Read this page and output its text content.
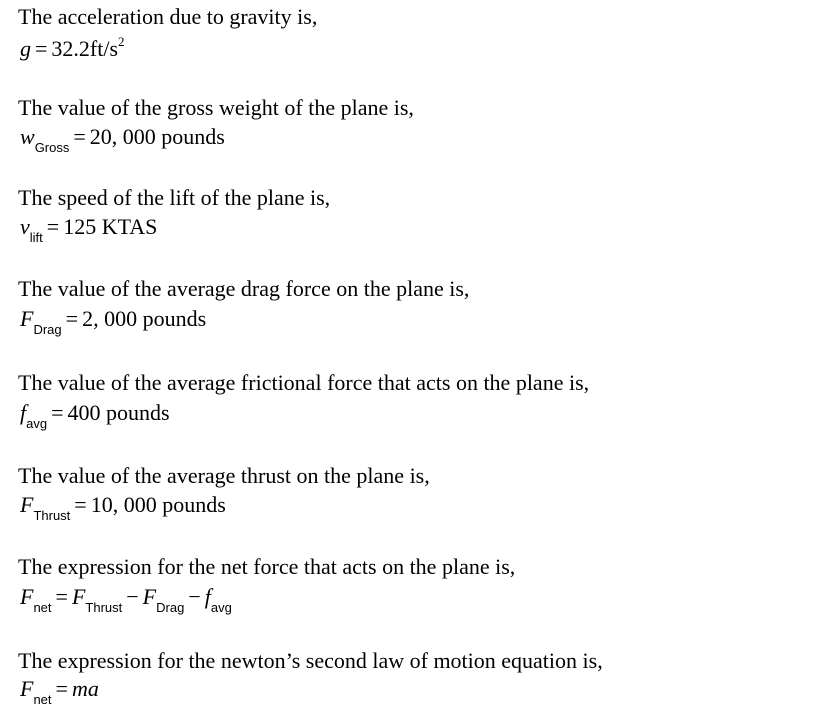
The acceleration due to gravity is,
$g = 32.2ft/s^2$
The value of the gross weight of the plane is,
$w_{Gross} = 20$, 000 pounds
The speed of the lift of the plane is,
$v_{lift} = 125$ KTAS
The value of the average drag force on the plane is,
$F_{Drag} = 2$, 000 pounds
The value of the average frictional force that acts on the plane is,
$f_{avg} = 400$ pounds
The value of the average thrust on the plane is,
$F_{Thrust} = 10$, 000 pounds
The expression for the net force that acts on the plane is,
$F_{net} = F_{Thrust} - F_{Drag} - f_{avg}$
The expression for the newton’s second law of motion equation is,
$F_{net}$ = ma
